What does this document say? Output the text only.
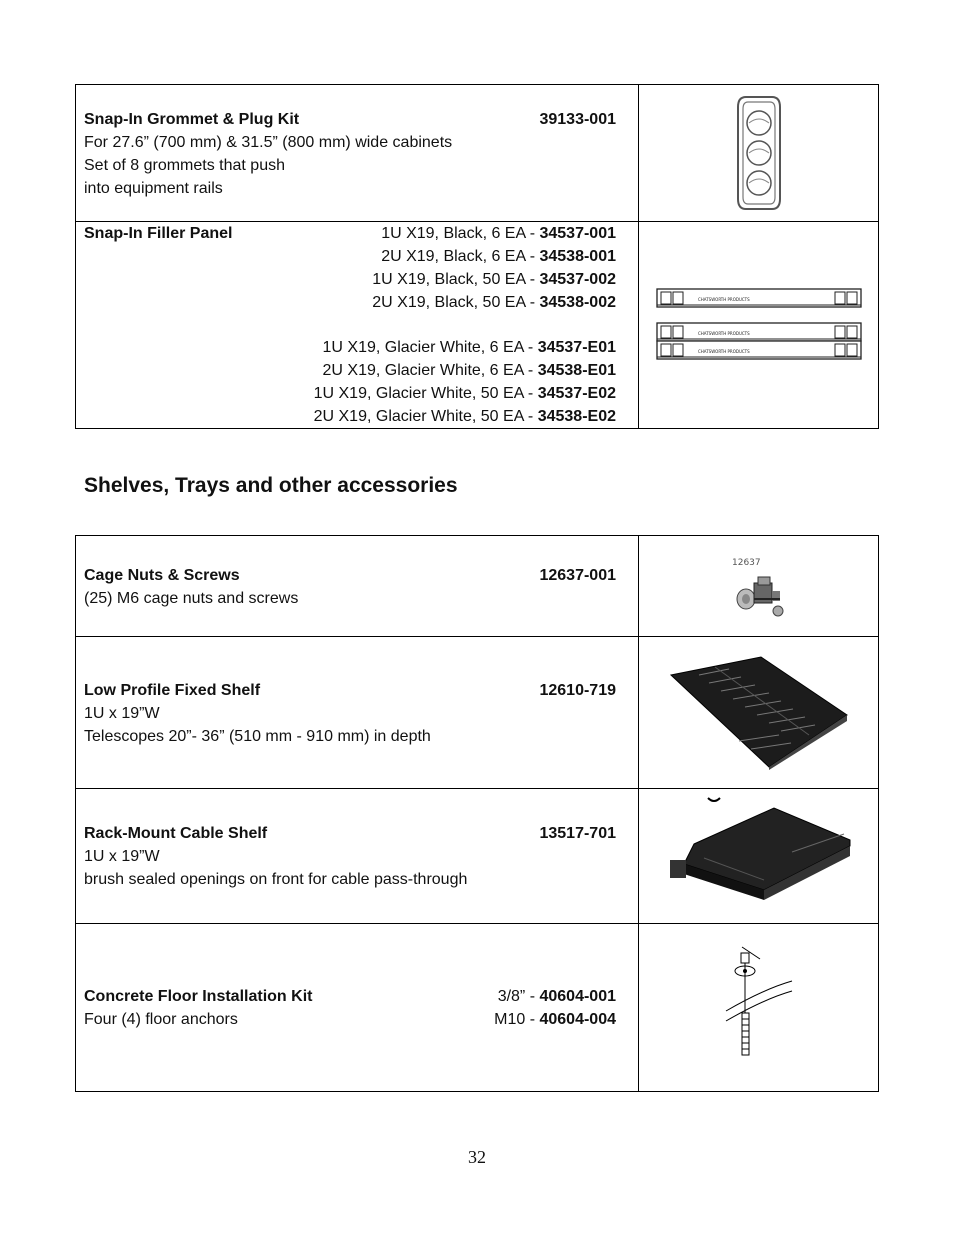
Snap-In Grommet & Plug Kit	39133-001
For 27.6” (700 mm) & 31.5” (800 mm) wide cabinets
Set of 8 grommets that push
into equipment rails
Snap-In Filler Panel	1U X19, Black, 6 EA - 34537-001
2U X19, Black, 6 EA - 34538-001
1U X19, Black, 50 EA - 34537-002
2U X19, Black, 50 EA - 34538-002
1U X19, Glacier White, 6 EA - 34537-E01
2U X19, Glacier White, 6 EA - 34538-E01
1U X19, Glacier White, 50 EA - 34537-E02
2U X19, Glacier White, 50 EA - 34538-E02
CHATSWORTH PRODUCTS
CHATSWORTH PRODUCTS
CHATSWORTH PRODUCTS
Shelves, Trays and other accessories
Cage Nuts & Screws	12637-001
(25) M6 cage nuts and screws
12637
Low Profile Fixed Shelf	12610-719
1U x 19”W
Telescopes 20”- 36” (510 mm - 910 mm) in depth
Rack-Mount Cable Shelf	13517-701
1U x 19”W
brush sealed openings on front for cable pass-through
Concrete Floor Installation Kit	3/8” - 40604-001
Four (4) floor anchors	M10 - 40604-004
32
